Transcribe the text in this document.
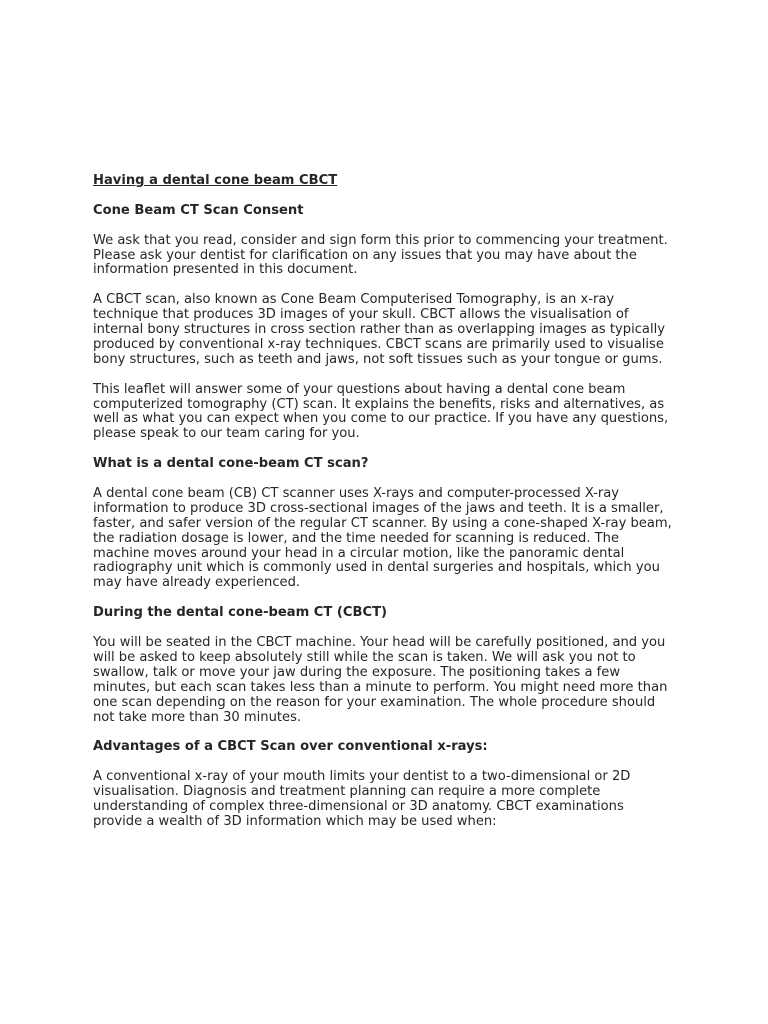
Having a dental cone beam CBCT

Cone Beam CT Scan Consent

We ask that you read, consider and sign form this prior to commencing your treatment. Please ask your dentist for clarification on any issues that you may have about the information presented in this document.

A CBCT scan, also known as Cone Beam Computerised Tomography, is an x-ray technique that produces 3D images of your skull. CBCT allows the visualisation of internal bony structures in cross section rather than as overlapping images as typically produced by conventional x-ray techniques. CBCT scans are primarily used to visualise bony structures, such as teeth and jaws, not soft tissues such as your tongue or gums.

This leaflet will answer some of your questions about having a dental cone beam computerized tomography (CT) scan. It explains the benefits, risks and alternatives, as well as what you can expect when you come to our practice. If you have any questions, please speak to our team caring for you.

What is a dental cone-beam CT scan?

A dental cone beam (CB) CT scanner uses X-rays and computer-processed X-ray information to produce 3D cross-sectional images of the jaws and teeth. It is a smaller, faster, and safer version of the regular CT scanner. By using a cone-shaped X-ray beam, the radiation dosage is lower, and the time needed for scanning is reduced. The machine moves around your head in a circular motion, like the panoramic dental radiography unit which is commonly used in dental surgeries and hospitals, which you may have already experienced.

During the dental cone-beam CT (CBCT)

You will be seated in the CBCT machine. Your head will be carefully positioned, and you will be asked to keep absolutely still while the scan is taken. We will ask you not to swallow, talk or move your jaw during the exposure. The positioning takes a few minutes, but each scan takes less than a minute to perform. You might need more than one scan depending on the reason for your examination. The whole procedure should not take more than 30 minutes.

Advantages of a CBCT Scan over conventional x-rays:

A conventional x-ray of your mouth limits your dentist to a two-dimensional or 2D visualisation. Diagnosis and treatment planning can require a more complete understanding of complex three-dimensional or 3D anatomy. CBCT examinations provide a wealth of 3D information which may be used when:
